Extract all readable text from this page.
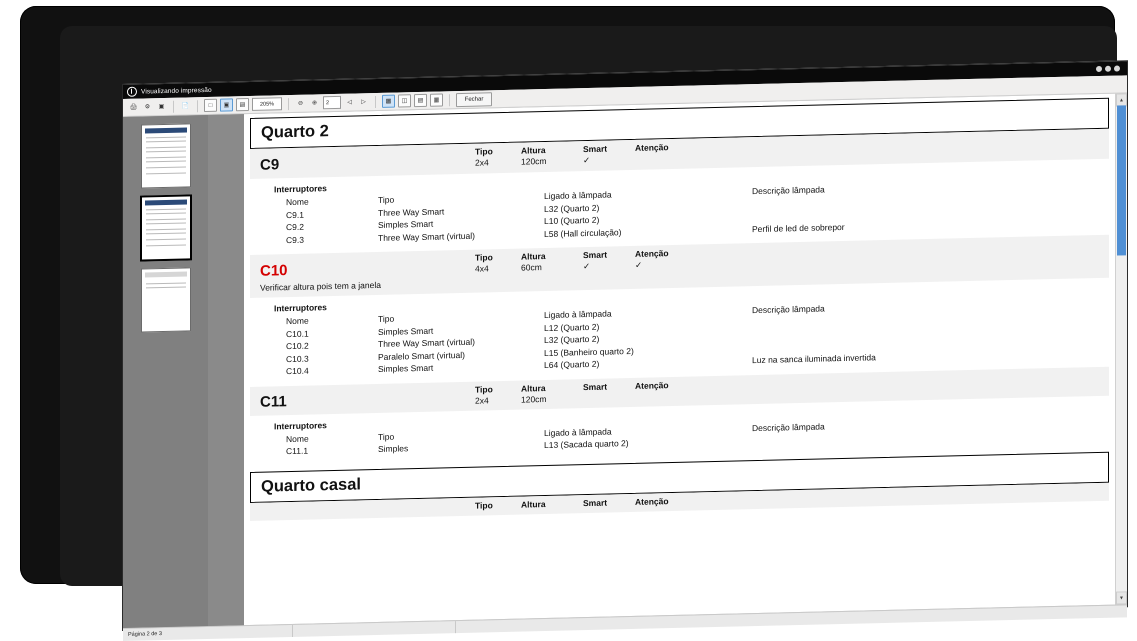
Visualizando impressão
🖨	⚙	▣	📄	□	▣	▤	205%	⊖	⊕	2	◁	▷	▩	◫	▤	▦	Fechar
Quarto 2
C9
Tipo	Altura	Smart	Atenção
2x4	120cm	✓
Interruptores
Nome	Tipo	Ligado à lâmpada	Descrição lâmpada
C9.1	Three Way Smart	L32 (Quarto 2)
C9.2	Simples Smart	L10 (Quarto 2)
C9.3	Three Way Smart (virtual)	L58 (Hall circulação)	Perfil de led de sobrepor
C10
Tipo	Altura	Smart	Atenção
4x4	60cm	✓	✓
Verificar altura pois tem a janela
Interruptores
Nome	Tipo	Ligado à lâmpada	Descrição lâmpada
C10.1	Simples Smart	L12 (Quarto 2)
C10.2	Three Way Smart (virtual)	L32 (Quarto 2)
C10.3	Paralelo Smart (virtual)	L15 (Banheiro quarto 2)
C10.4	Simples Smart	L64 (Quarto 2)	Luz na sanca iluminada invertida
C11
Tipo	Altura	Smart	Atenção
2x4	120cm
Interruptores
Nome	Tipo	Ligado à lâmpada	Descrição lâmpada
C11.1	Simples	L13 (Sacada quarto 2)
Quarto casal
Tipo	Altura	Smart	Atenção
▲
▼
Página 2 de 3
